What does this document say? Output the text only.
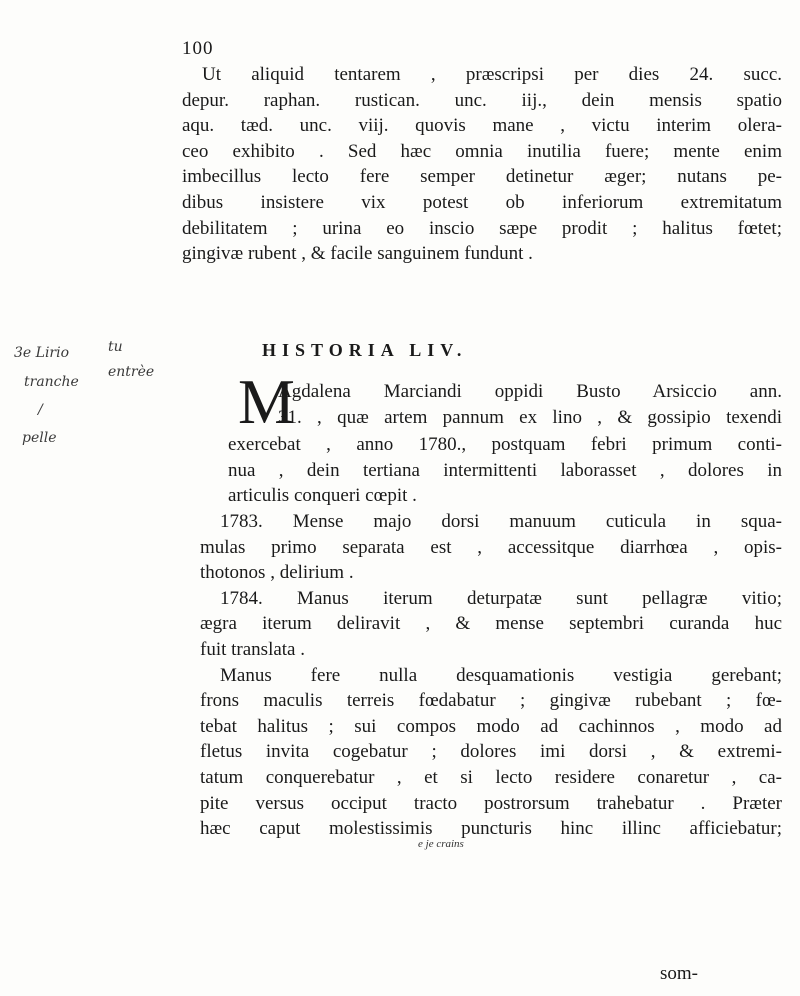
100
Ut aliquid tentarem , præscripsi per dies 24. succ.
depur. raphan. rustican. unc. iij., dein mensis spatio
aqu. tæd. unc. viij. quovis mane , victu interim olera-
ceo exhibito . Sed hæc omnia inutilia fuere; mente enim
imbecillus lecto fere semper detinetur æger; nutans pe-
dibus insistere vix potest ob inferiorum extremitatum
debilitatem ; urina eo inscio sæpe prodit ; halitus fœtet;
gingivæ rubent , & facile sanguinem fundunt .
HISTORIA LIV.
3e Lirio	tu
tranche
entrèe
/
pelle
M
Agdalena Marciandi oppidi Busto Arsiccio ann.
31. , quæ artem pannum ex lino , & gossipio texendi
exercebat , anno 1780., postquam febri primum conti-
nua , dein tertiana intermittenti laborasset , dolores in
articulis conqueri cœpit .
1783. Mense majo dorsi manuum cuticula in squa-
mulas primo separata est , accessitque diarrhœa , opis-
thotonos , delirium .
1784. Manus iterum deturpatæ sunt pellagræ vitio;
ægra iterum deliravit , & mense septembri curanda huc
fuit translata .
Manus fere nulla desquamationis vestigia gerebant;
frons maculis terreis fœdabatur ; gingivæ rubebant ; fœ-
tebat halitus ; sui compos modo ad cachinnos , modo ad
fletus invita cogebatur ; dolores imi dorsi , & extremi-
tatum conquerebatur , et si lecto residere conaretur , ca-
pite versus occiput tracto postrorsum trahebatur . Præter
hæc caput molestissimis puncturis hinc illinc afficiebatur;
e je crains
som-
